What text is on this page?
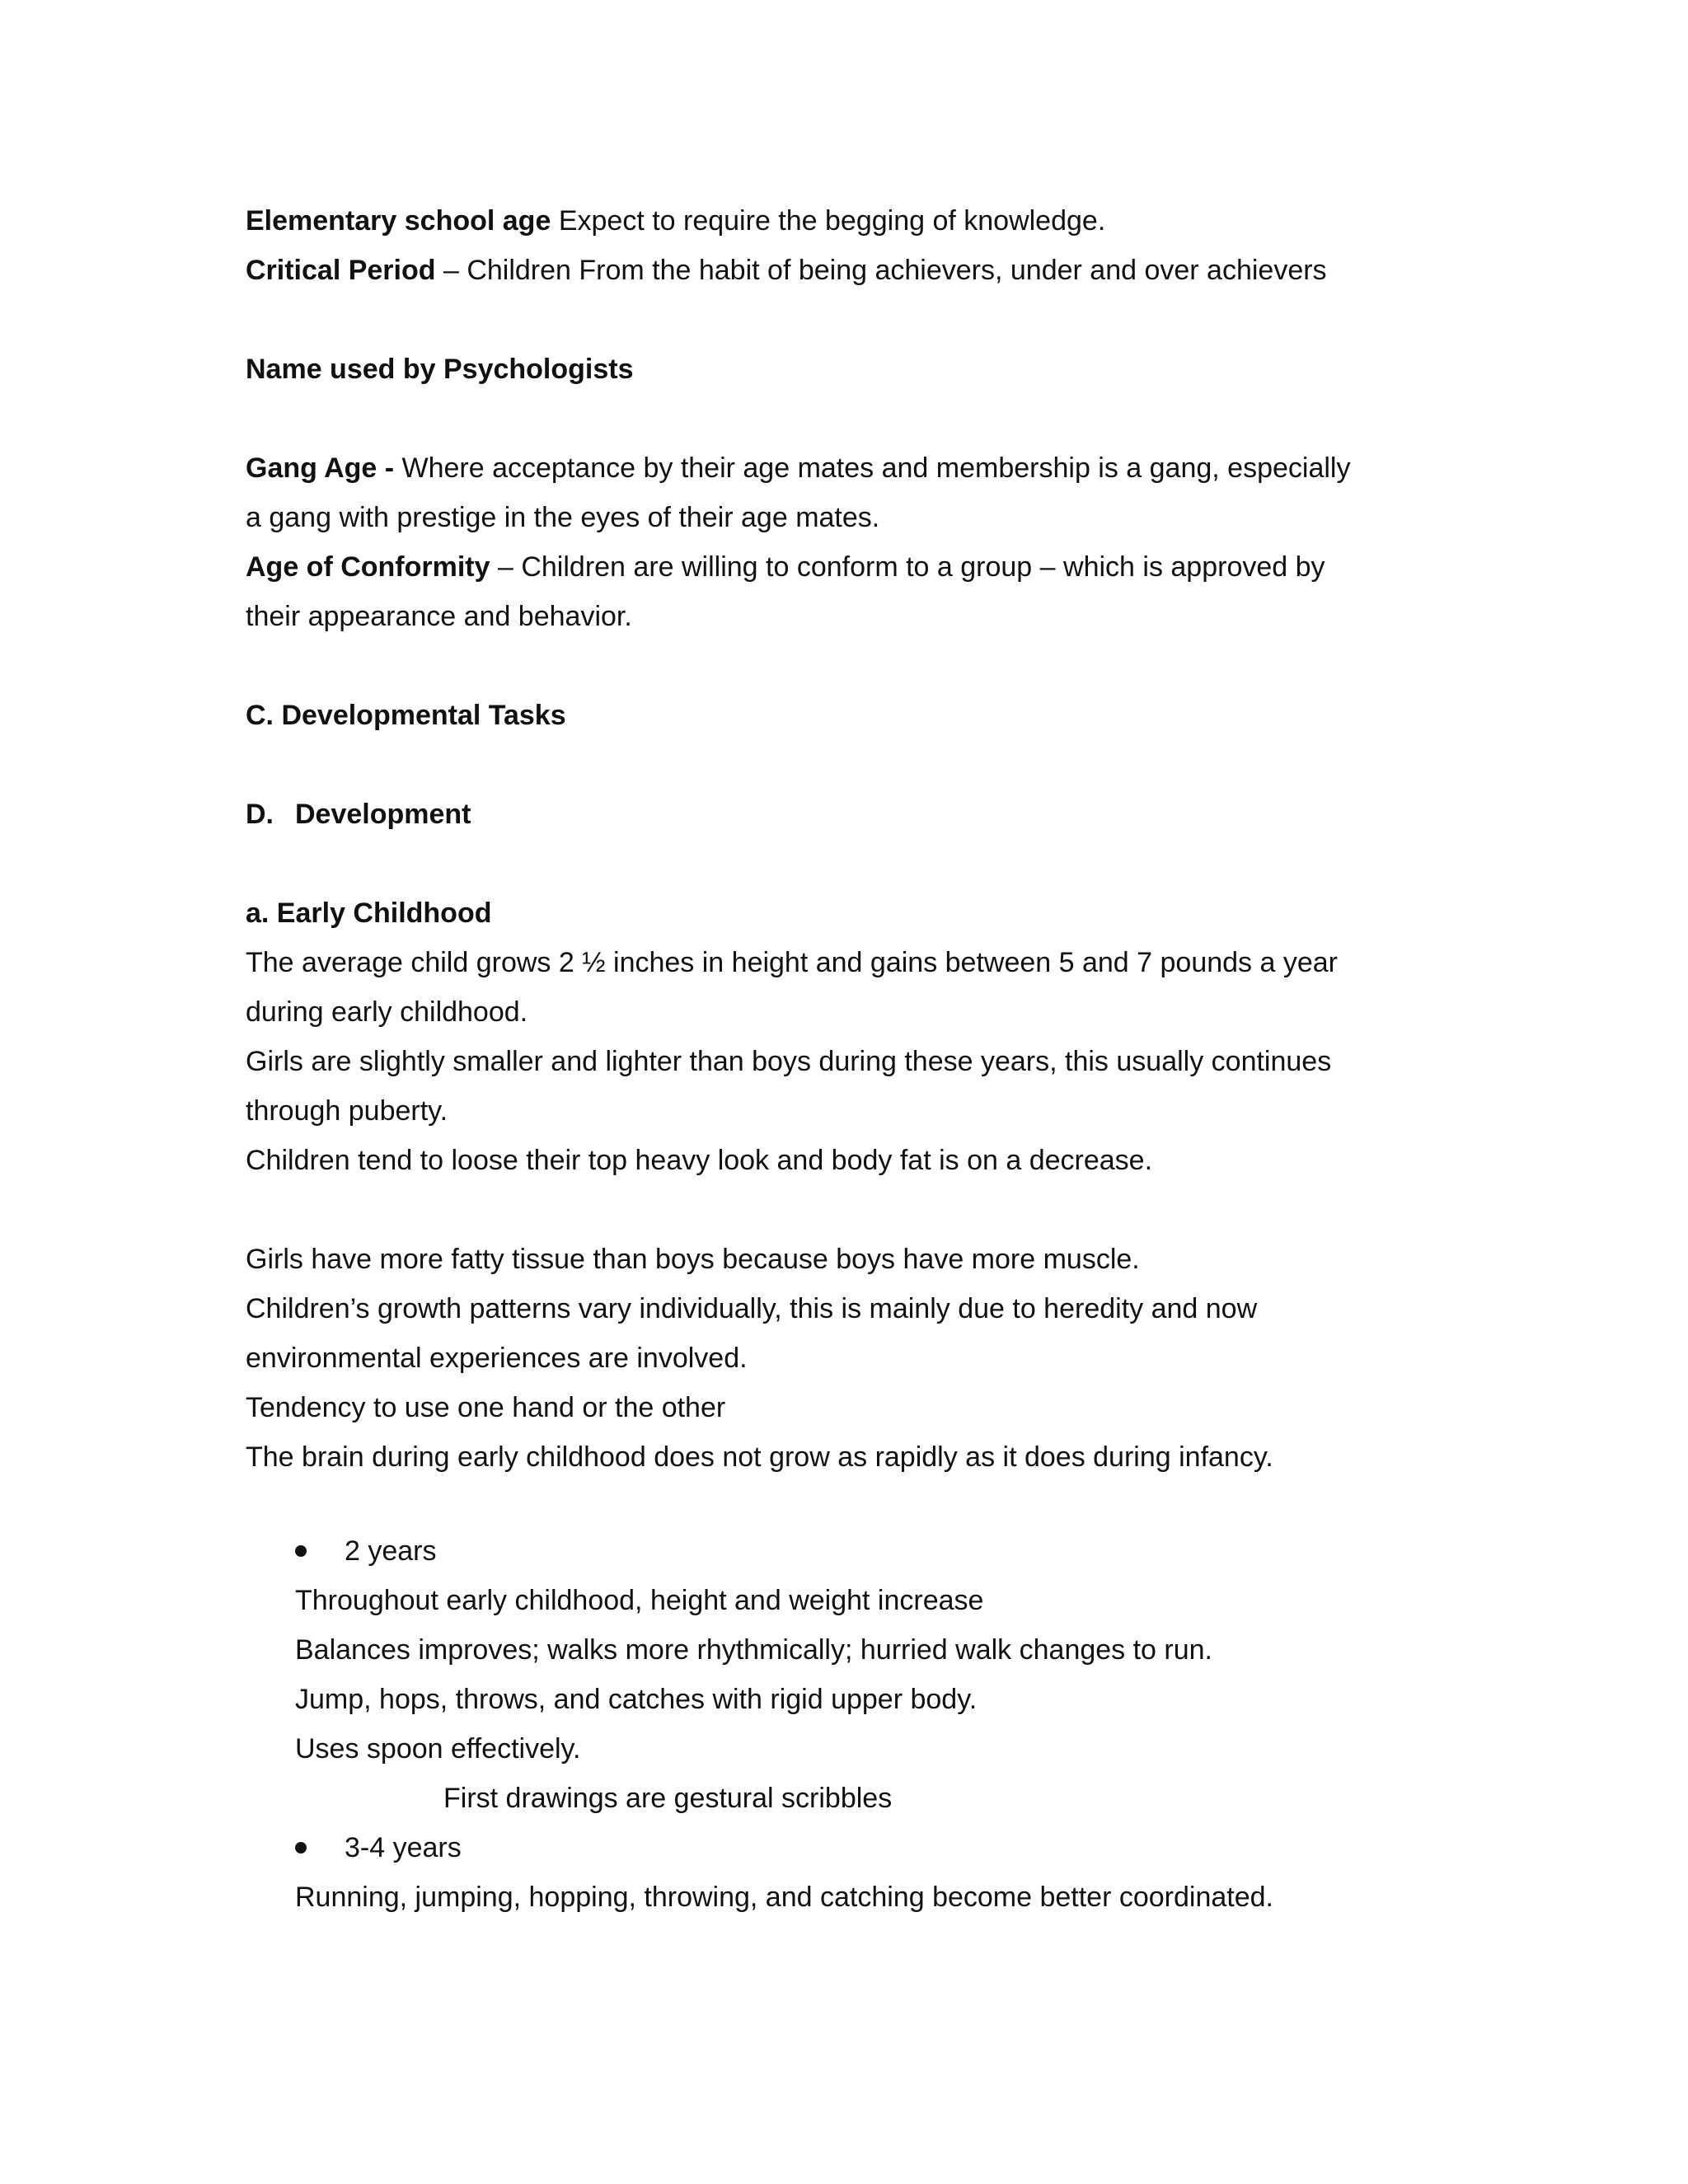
Elementary school age Expect to require the begging of knowledge.
Critical Period – Children From the habit of being achievers, under and over achievers
Name used by Psychologists
Gang Age - Where acceptance by their age mates and membership is a gang, especially
a gang with prestige in the eyes of their age mates.
Age of Conformity – Children are willing to conform to a group – which is approved by
their appearance and behavior.
C. Developmental Tasks
D. Development
a. Early Childhood
The average child grows 2 ½ inches in height and gains between 5 and 7 pounds a year
during early childhood.
Girls are slightly smaller and lighter than boys during these years, this usually continues
through puberty.
Children tend to loose their top heavy look and body fat is on a decrease.
Girls have more fatty tissue than boys because boys have more muscle.
Children’s growth patterns vary individually, this is mainly due to heredity and now
environmental experiences are involved.
Tendency to use one hand or the other
The brain during early childhood does not grow as rapidly as it does during infancy.
2 years
Throughout early childhood, height and weight increase
Balances improves; walks more rhythmically; hurried walk changes to run.
Jump, hops, throws, and catches with rigid upper body.
Uses spoon effectively.
First drawings are gestural scribbles
3-4 years
Running, jumping, hopping, throwing, and catching become better coordinated.
